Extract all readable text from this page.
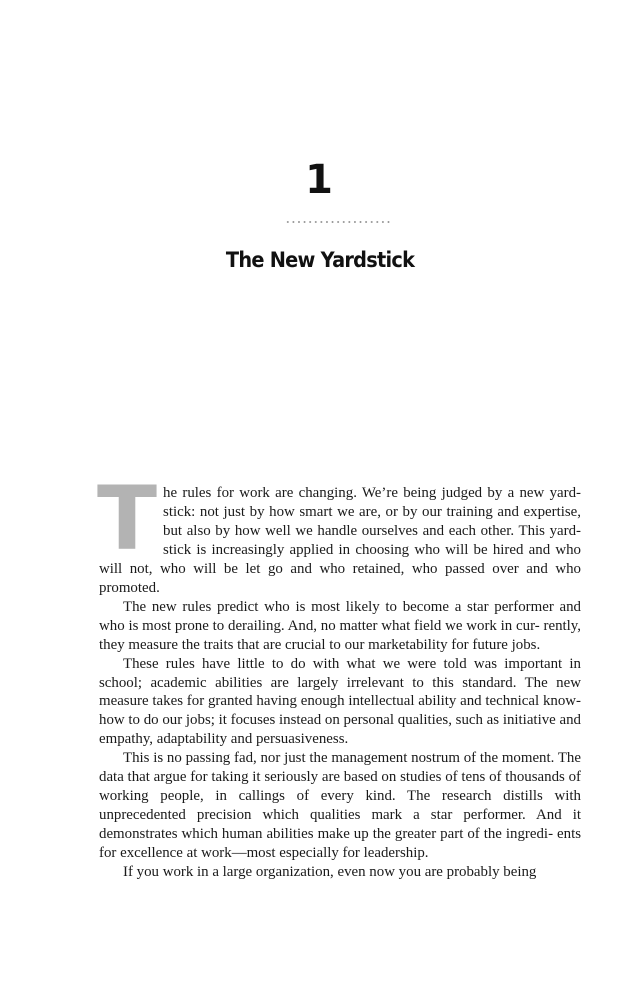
1
The New Yardstick

The rules for work are changing. We’re being judged by a new yard- stick: not just by how smart we are, or by our training and expertise, but also by how well we handle ourselves and each other. This yard- stick is increasingly applied in choosing who will be hired and who will not, who will be let go and who retained, who passed over and who promoted.

The new rules predict who is most likely to become a star performer and who is most prone to derailing. And, no matter what field we work in cur- rently, they measure the traits that are crucial to our marketability for future jobs.

These rules have little to do with what we were told was important in school; academic abilities are largely irrelevant to this standard. The new measure takes for granted having enough intellectual ability and technical know-how to do our jobs; it focuses instead on personal qualities, such as initiative and empathy, adaptability and persuasiveness.

This is no passing fad, nor just the management nostrum of the moment. The data that argue for taking it seriously are based on studies of tens of thousands of working people, in callings of every kind. The research distills with unprecedented precision which qualities mark a star performer. And it demonstrates which human abilities make up the greater part of the ingredi- ents for excellence at work—most especially for leadership.

If you work in a large organization, even now you are probably being
